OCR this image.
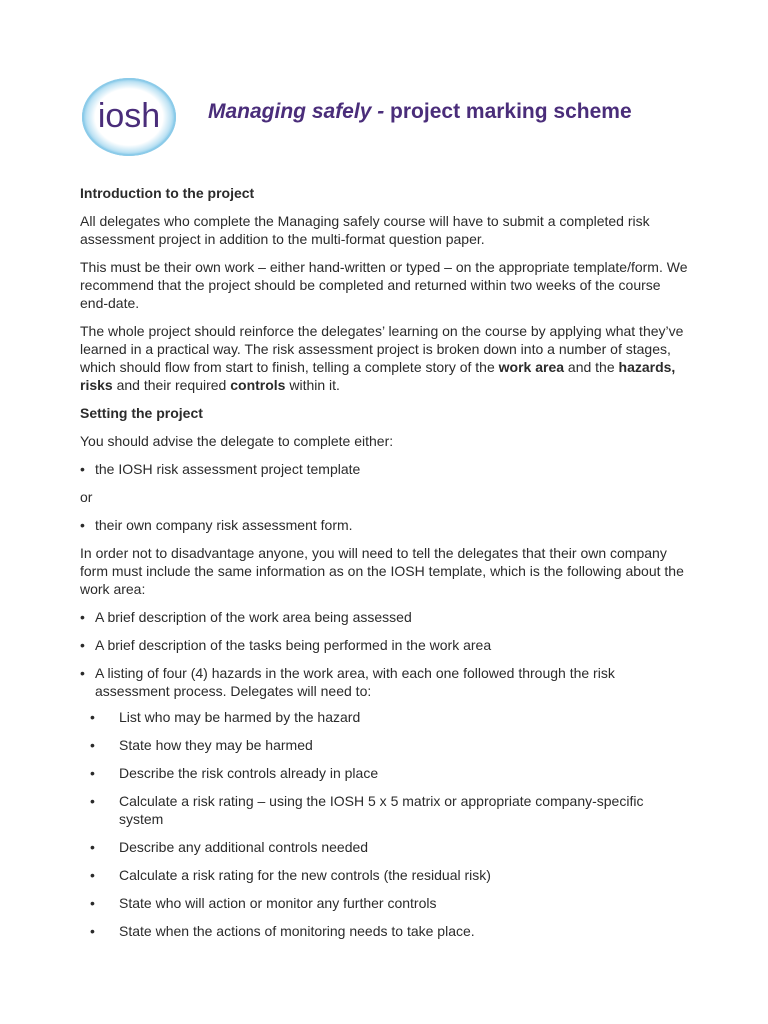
iosh Managing safely - project marking scheme
Introduction to the project

All delegates who complete the Managing safely course will have to submit a completed risk assessment project in addition to the multi-format question paper.

This must be their own work – either hand-written or typed – on the appropriate template/form. We recommend that the project should be completed and returned within two weeks of the course end-date.

The whole project should reinforce the delegates’ learning on the course by applying what they’ve learned in a practical way. The risk assessment project is broken down into a number of stages, which should flow from start to finish, telling a complete story of the work area and the hazards, risks and their required controls within it.

Setting the project

You should advise the delegate to complete either:

• the IOSH risk assessment project template

or

• their own company risk assessment form.

In order not to disadvantage anyone, you will need to tell the delegates that their own company form must include the same information as on the IOSH template, which is the following about the work area:

• A brief description of the work area being assessed
• A brief description of the tasks being performed in the work area
• A listing of four (4) hazards in the work area, with each one followed through the risk assessment process. Delegates will need to:
•	List who may be harmed by the hazard
•	State how they may be harmed
•	Describe the risk controls already in place
•	Calculate a risk rating – using the IOSH 5 x 5 matrix or appropriate company-specific system
•	Describe any additional controls needed
•	Calculate a risk rating for the new controls (the residual risk)
•	State who will action or monitor any further controls
•	State when the actions of monitoring needs to take place.
